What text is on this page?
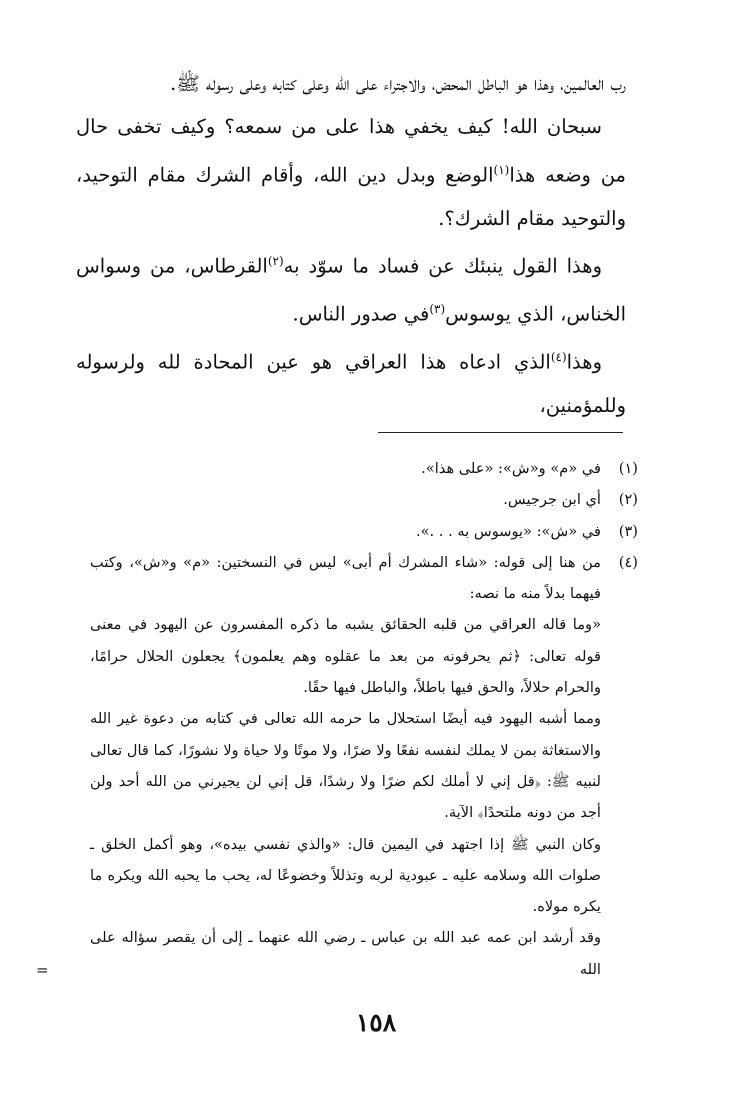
رب العالمين، وهذا هو الباطل المحض، والاجتراء على الله وعلى كتابه وعلى رسوله ﷺ.

سبحان الله! كيف يخفي هذا على من سمعه؟ وكيف تخفى حال من وضعه هذا$^{(١)}$الوضع وبدل دين الله، وأقام الشرك مقام التوحيد، والتوحيد مقام الشرك؟.

وهذا القول ينبئك عن فساد ما سوّد به$^{(٢)}$القرطاس، من وسواس الخناس، الذي يوسوس$^{(٣)}$في صدور الناس.

وهذا$^{(٤)}$الذي ادعاه هذا العراقي هو عين المحادة لله ولرسوله وللمؤمنين،

(١)
في «م» و«ش»: «على هذا».
(٢)
أي ابن جرجيس.
(٣)
في «ش»: «يوسوس به . . .».
(٤)

من هنا إلى قوله: «شاء المشرك أم أبى» ليس في النسختين: «م» و«ش»، وكتب فيهما بدلاً منه ما نصه:

«وما قاله العراقي من قلبه الحقائق يشبه ما ذكره المفسرون عن اليهود في معنى قوله تعالى: ﴿ثم يحرفونه من بعد ما عقلوه وهم يعلمون﴾ يجعلون الحلال حرامًا، والحرام حلالاً، والحق فيها باطلاً، والباطل فيها حقًا.

ومما أشبه اليهود فيه أيضًا استحلال ما حرمه الله تعالى في كتابه من دعوة غير الله والاستغاثة بمن لا يملك لنفسه نفعًا ولا ضرًا، ولا موتًا ولا حياة ولا نشورًا، كما قال تعالى لنبيه ﷺ: ﴿قل إني لا أملك لكم ضرًا ولا رشدًا، قل إني لن يجيرني من الله أحد ولن أجد من دونه ملتحدًا﴾ الآية.

وكان النبي ﷺ إذا اجتهد في اليمين قال: «والذي نفسي بيده»، وهو أكمل الخلق ـ صلوات الله وسلامه عليه ـ عبودية لربه وتذللاً وخضوعًا له، يحب ما يحبه الله ويكره ما يكره مولاه.

وقد أرشد ابن عمه عبد الله بن عباس ـ رضي الله عنهما ـ إلى أن يقصر سؤاله على الله

=
١٥٨
